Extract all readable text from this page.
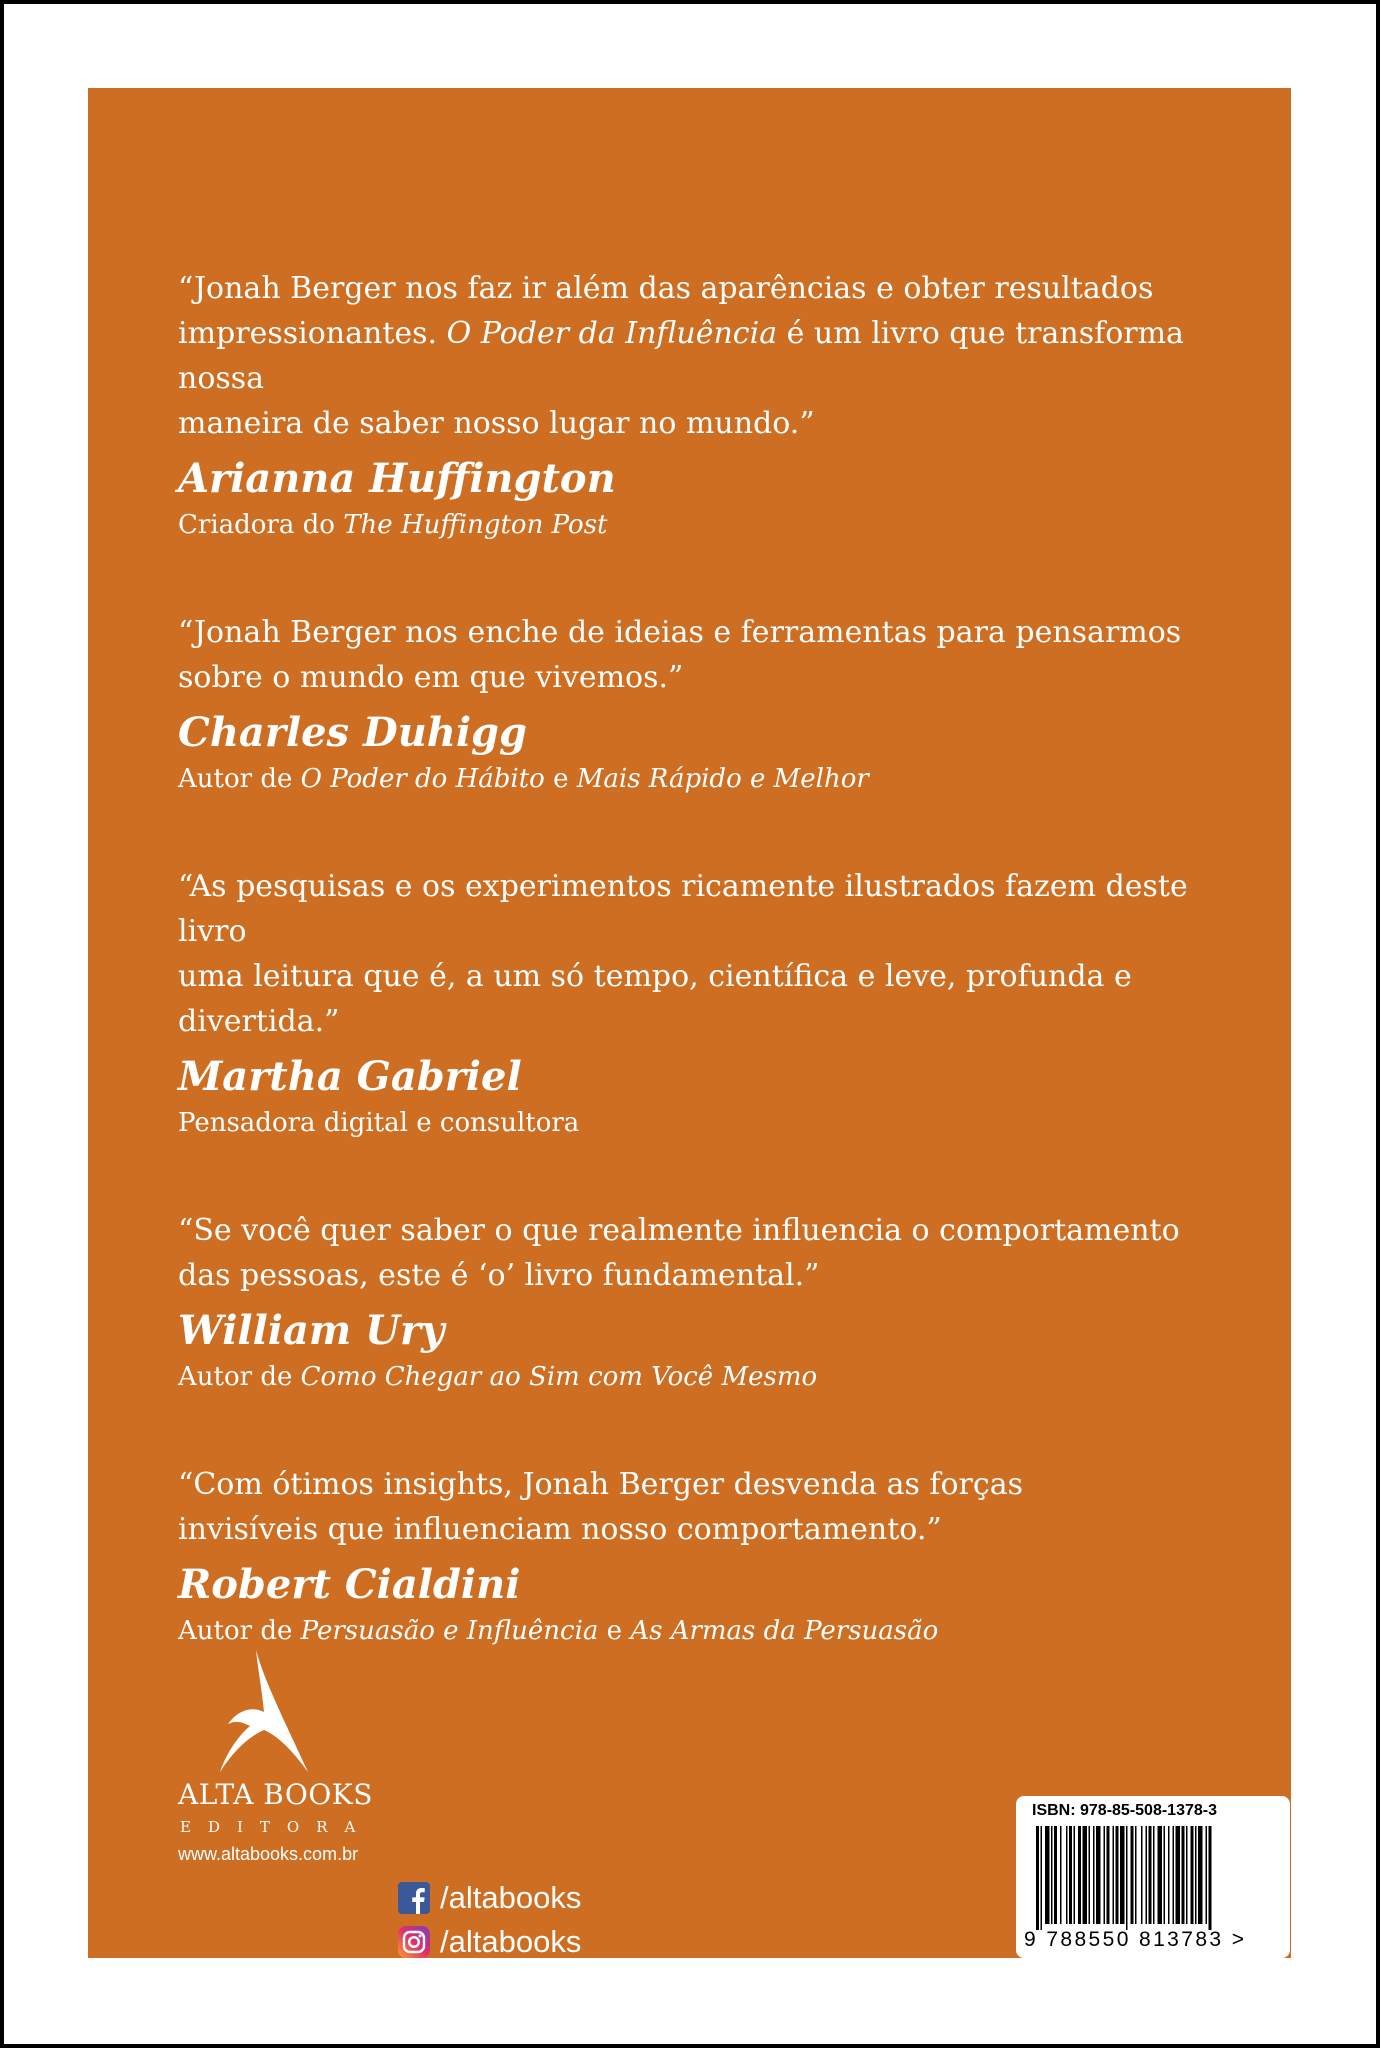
“Jonah Berger nos faz ir além das aparências e obter resultados
impressionantes. O Poder da Influência é um livro que transforma nossa
maneira de saber nosso lugar no mundo.”

Arianna Huffington

Criadora do The Huffington Post

“Jonah Berger nos enche de ideias e ferramentas para pensarmos
sobre o mundo em que vivemos.”

Charles Duhigg

Autor de O Poder do Hábito e Mais Rápido e Melhor

“As pesquisas e os experimentos ricamente ilustrados fazem deste livro
uma leitura que é, a um só tempo, científica e leve, profunda e divertida.”

Martha Gabriel

Pensadora digital e consultora

“Se você quer saber o que realmente influencia o comportamento
das pessoas, este é ‘o’ livro fundamental.”

William Ury

Autor de Como Chegar ao Sim com Você Mesmo

“Com ótimos insights, Jonah Berger desvenda as forças
invisíveis que influenciam nosso comportamento.”

Robert Cialdini

Autor de Persuasão e Influência e As Armas da Persuasão

ALTA BOOKS
EDITORA
www.altabooks.com.br
/altabooks
/altabooks
ISBN: 978-85-508-1378-3
9 788550 813783 >
